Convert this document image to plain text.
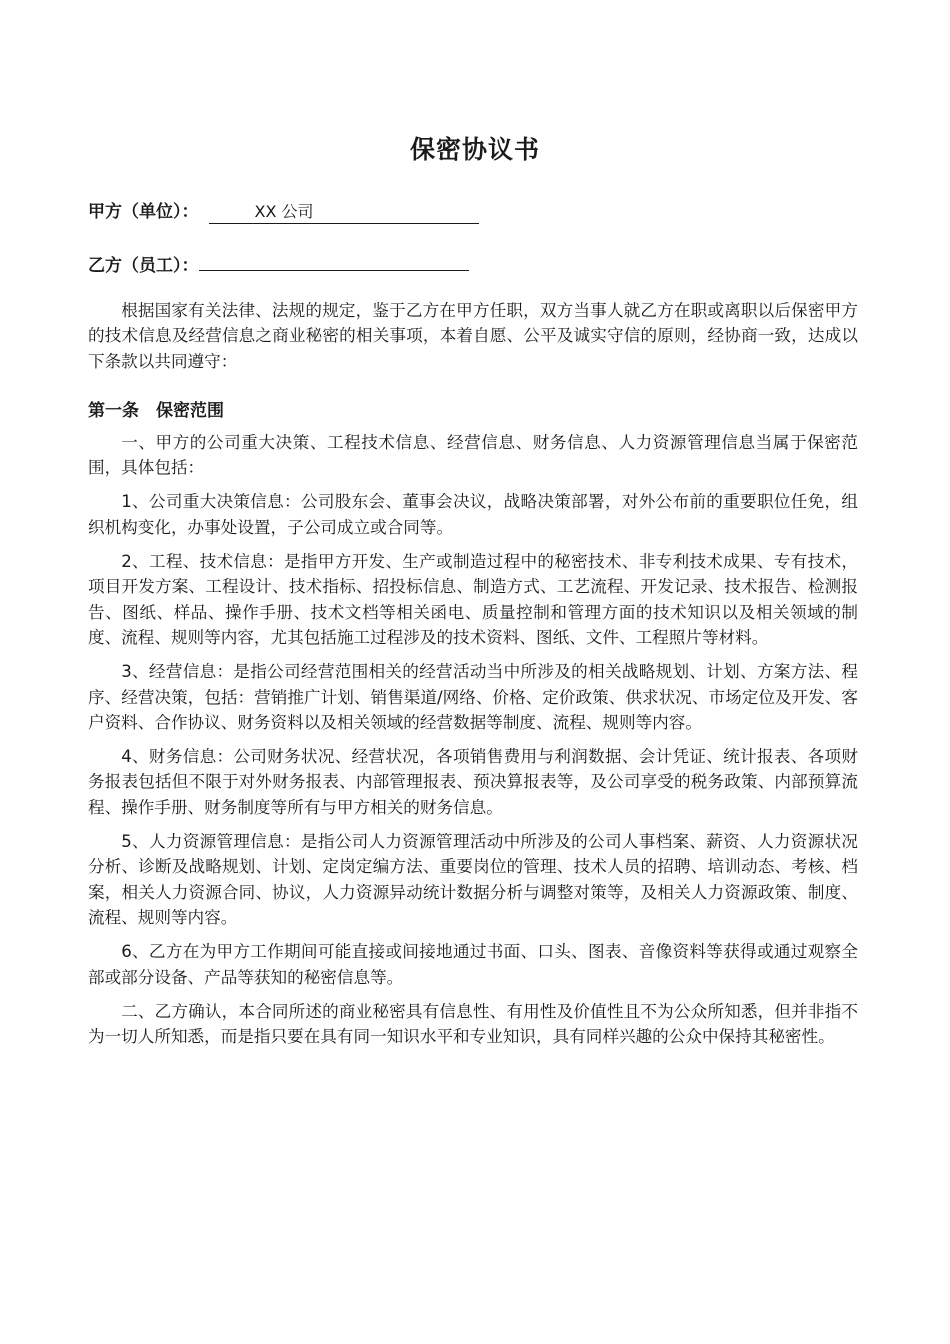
保密协议书
甲方（单位）：	XX 公司
乙方（员工）：

根据国家有关法律、法规的规定，鉴于乙方在甲方任职，双方当事人就乙方在职或离职以后保密甲方的技术信息及经营信息之商业秘密的相关事项，本着自愿、公平及诚实守信的原则，经协商一致，达成以下条款以共同遵守：

第一条　保密范围

一、甲方的公司重大决策、工程技术信息、经营信息、财务信息、人力资源管理信息当属于保密范围，具体包括：

1、公司重大决策信息：公司股东会、董事会决议，战略决策部署，对外公布前的重要职位任免，组织机构变化，办事处设置，子公司成立或合同等。

2、工程、技术信息：是指甲方开发、生产或制造过程中的秘密技术、非专利技术成果、专有技术，项目开发方案、工程设计、技术指标、招投标信息、制造方式、工艺流程、开发记录、技术报告、检测报告、图纸、样品、操作手册、技术文档等相关函电、质量控制和管理方面的技术知识以及相关领域的制度、流程、规则等内容，尤其包括施工过程涉及的技术资料、图纸、文件、工程照片等材料。

3、经营信息：是指公司经营范围相关的经营活动当中所涉及的相关战略规划、计划、方案方法、程序、经营决策，包括：营销推广计划、销售渠道/网络、价格、定价政策、供求状况、市场定位及开发、客户资料、合作协议、财务资料以及相关领域的经营数据等制度、流程、规则等内容。

4、财务信息：公司财务状况、经营状况，各项销售费用与利润数据、会计凭证、统计报表、各项财务报表包括但不限于对外财务报表、内部管理报表、预决算报表等，及公司享受的税务政策、内部预算流程、操作手册、财务制度等所有与甲方相关的财务信息。

5、人力资源管理信息：是指公司人力资源管理活动中所涉及的公司人事档案、薪资、人力资源状况分析、诊断及战略规划、计划、定岗定编方法、重要岗位的管理、技术人员的招聘、培训动态、考核、档案，相关人力资源合同、协议，人力资源异动统计数据分析与调整对策等，及相关人力资源政策、制度、流程、规则等内容。

6、乙方在为甲方工作期间可能直接或间接地通过书面、口头、图表、音像资料等获得或通过观察全部或部分设备、产品等获知的秘密信息等。

二、乙方确认，本合同所述的商业秘密具有信息性、有用性及价值性且不为公众所知悉，但并非指不为一切人所知悉，而是指只要在具有同一知识水平和专业知识，具有同样兴趣的公众中保持其秘密性。
